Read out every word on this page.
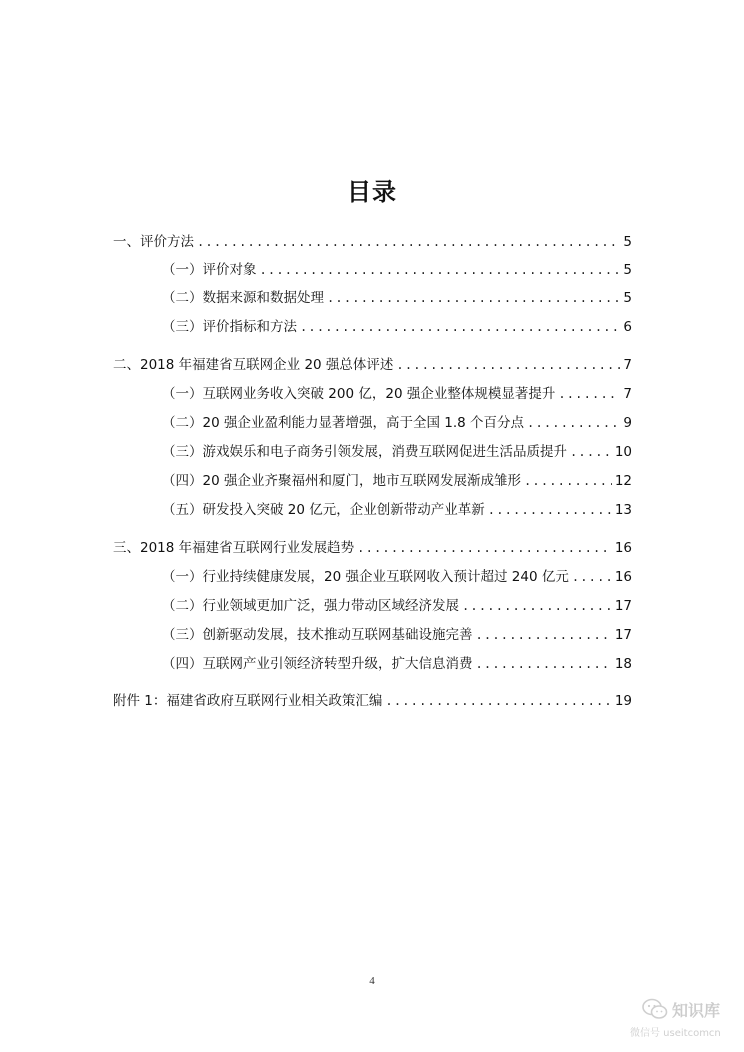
目录
一、评价方法 .....	5
（一）评价对象 .....	5
（二）数据来源和数据处理 .....	5
（三）评价指标和方法 .....	6
二、2018 年福建省互联网企业 20 强总体评述 .....	7
（一）互联网业务收入突破 200 亿，20 强企业整体规模显著提升 .....	7
（二）20 强企业盈利能力显著增强，高于全国 1.8 个百分点 .....	9
（三）游戏娱乐和电子商务引领发展，消费互联网促进生活品质提升 .....	10
（四）20 强企业齐聚福州和厦门，地市互联网发展渐成雏形 .....	12
（五）研发投入突破 20 亿元，企业创新带动产业革新 .....	13
三、2018 年福建省互联网行业发展趋势 .....	16
（一）行业持续健康发展，20 强企业互联网收入预计超过 240 亿元 .....	16
（二）行业领域更加广泛，强力带动区域经济发展 .....	17
（三）创新驱动发展，技术推动互联网基础设施完善 .....	17
（四）互联网产业引领经济转型升级，扩大信息消费 .....	18
附件 1：福建省政府互联网行业相关政策汇编 .....	19
4
知识库
微信号 useitcomcn
